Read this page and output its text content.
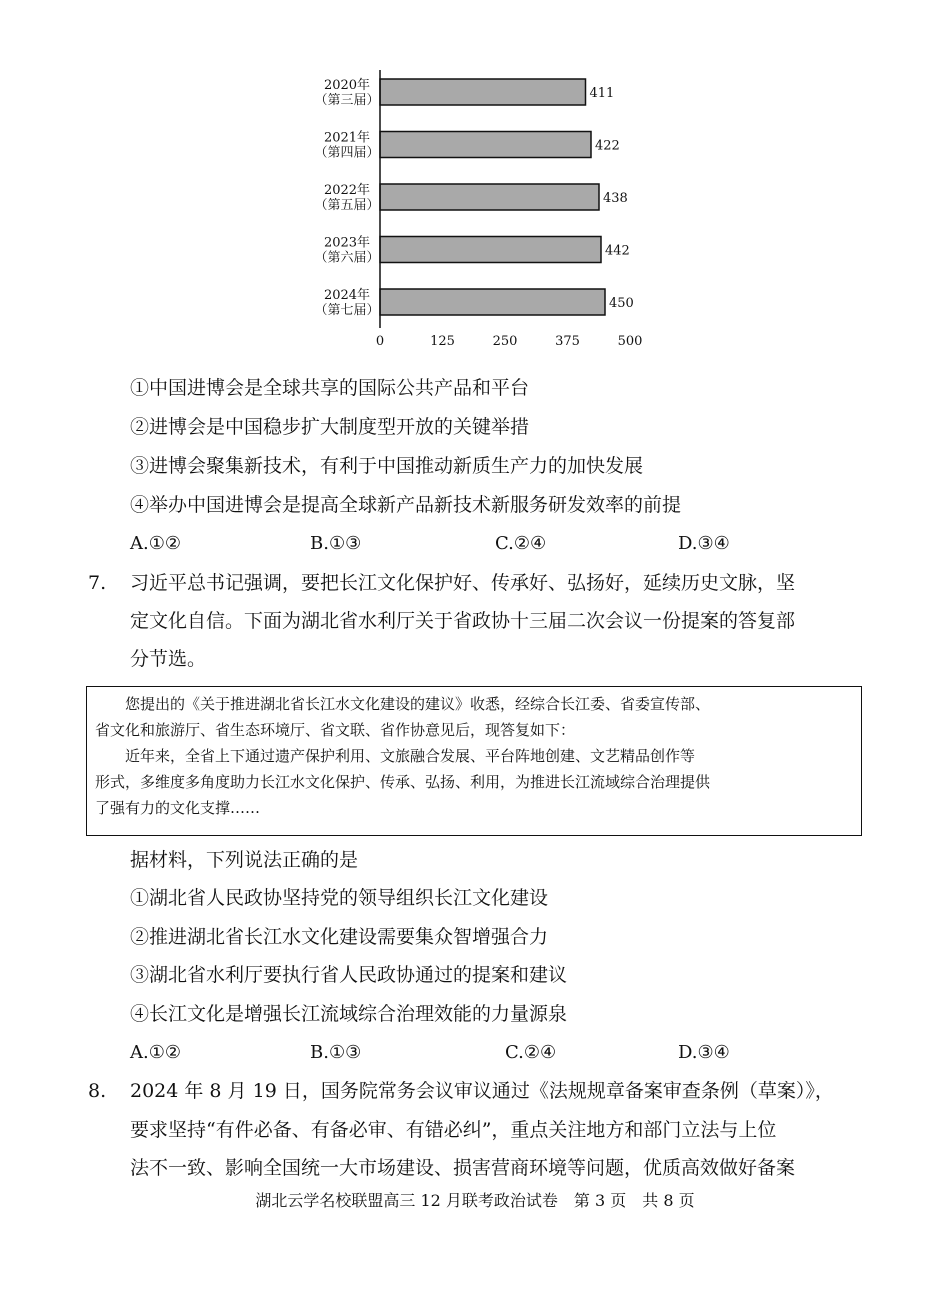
2020年
（第三届）
2021年
（第四届）
2022年
（第五届）
2023年
（第六届）
2024年
（第七届）
411
422
438
442
450
0	125	250	375	500
①中国进博会是全球共享的国际公共产品和平台
②进博会是中国稳步扩大制度型开放的关键举措
③进博会聚集新技术，有利于中国推动新质生产力的加快发展
④举办中国进博会是提高全球新产品新技术新服务研发效率的前提
A.①②	B.①③	C.②④	D.③④
7. 习近平总书记强调，要把长江文化保护好、传承好、弘扬好，延续历史文脉，坚
定文化自信。下面为湖北省水利厅关于省政协十三届二次会议一份提案的答复部
分节选。

　　您提出的《关于推进湖北省长江水文化建设的建议》收悉，经综合长江委、省委宣传部、

省文化和旅游厅、省生态环境厅、省文联、省作协意见后，现答复如下：

　　近年来，全省上下通过遗产保护利用、文旅融合发展、平台阵地创建、文艺精品创作等

形式，多维度多角度助力长江水文化保护、传承、弘扬、利用，为推进长江流域综合治理提供

了强有力的文化支撑……

据材料，下列说法正确的是
①湖北省人民政协坚持党的领导组织长江文化建设
②推进湖北省长江水文化建设需要集众智增强合力
③湖北省水利厅要执行省人民政协通过的提案和建议
④长江文化是增强长江流域综合治理效能的力量源泉
A.①②	B.①③	C.②④	D.③④
8. 2024 年 8 月 19 日，国务院常务会议审议通过《法规规章备案审查条例（草案）》，
要求坚持“有件必备、有备必审、有错必纠”，重点关注地方和部门立法与上位
法不一致、影响全国统一大市场建设、损害营商环境等问题，优质高效做好备案
湖北云学名校联盟高三 12 月联考政治试卷　第 3 页　共 8 页
